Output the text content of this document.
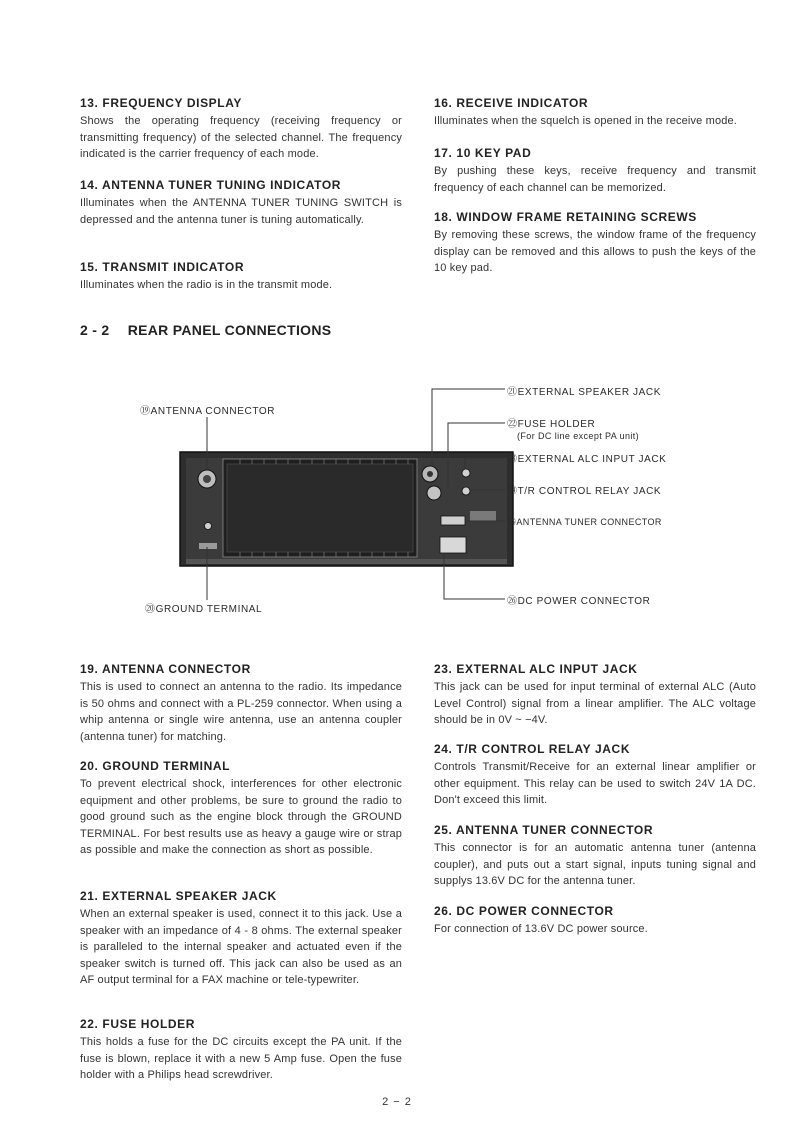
13. FREQUENCY DISPLAY

Shows the operating frequency (receiving frequency or transmitting frequency) of the selected channel. The frequency indicated is the carrier frequency of each mode.

14. ANTENNA TUNER TUNING INDICATOR

Illuminates when the ANTENNA TUNER TUNING SWITCH is depressed and the antenna tuner is tuning automatically.

15. TRANSMIT INDICATOR

Illuminates when the radio is in the transmit mode.

16. RECEIVE INDICATOR

Illuminates when the squelch is opened in the receive mode.

17. 10 KEY PAD

By pushing these keys, receive frequency and transmit frequency of each channel can be memorized.

18. WINDOW FRAME RETAINING SCREWS

By removing these screws, the window frame of the frequency display can be removed and this allows to push the keys of the 10 key pad.

2 - 2 REAR PANEL CONNECTIONS
⑲ANTENNA CONNECTOR
⑳GROUND TERMINAL
㉑EXTERNAL SPEAKER JACK
㉒FUSE HOLDER
(For DC line except PA unit)
㉓EXTERNAL ALC INPUT JACK
㉔T/R CONTROL RELAY JACK
㉕ANTENNA TUNER CONNECTOR
㉖DC POWER CONNECTOR
19. ANTENNA CONNECTOR

This is used to connect an antenna to the radio. Its impedance is 50 ohms and connect with a PL-259 connector. When using a whip antenna or single wire antenna, use an antenna coupler (antenna tuner) for matching.

20. GROUND TERMINAL

To prevent electrical shock, interferences for other electronic equipment and other problems, be sure to ground the radio to good ground such as the engine block through the GROUND TERMINAL. For best results use as heavy a gauge wire or strap as possible and make the connection as short as possible.

21. EXTERNAL SPEAKER JACK

When an external speaker is used, connect it to this jack. Use a speaker with an impedance of 4 - 8 ohms. The external speaker is paralleled to the internal speaker and actuated even if the speaker switch is turned off. This jack can also be used as an AF output terminal for a FAX machine or tele-typewriter.

22. FUSE HOLDER

This holds a fuse for the DC circuits except the PA unit. If the fuse is blown, replace it with a new 5 Amp fuse. Open the fuse holder with a Philips head screwdriver.

23. EXTERNAL ALC INPUT JACK

This jack can be used for input terminal of external ALC (Auto Level Control) signal from a linear amplifier. The ALC voltage should be in 0V ~ −4V.

24. T/R CONTROL RELAY JACK

Controls Transmit/Receive for an external linear amplifier or other equipment. This relay can be used to switch 24V 1A DC. Don't exceed this limit.

25. ANTENNA TUNER CONNECTOR

This connector is for an automatic antenna tuner (antenna coupler), and puts out a start signal, inputs tuning signal and supplys 13.6V DC for the antenna tuner.

26. DC POWER CONNECTOR

For connection of 13.6V DC power source.

2 − 2
